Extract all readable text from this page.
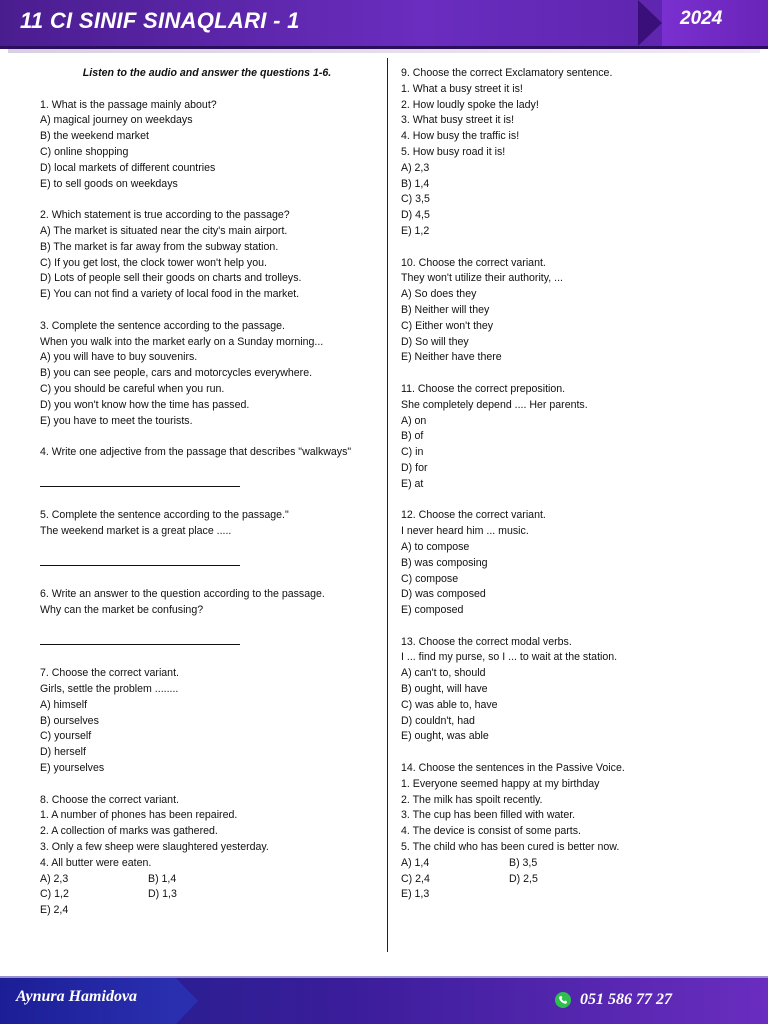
11 CI SINIF SINAQLARI - 1	2024
Listen to the audio and answer the questions 1-6.
1. What is the passage mainly about?
A) magical journey on weekdays
B) the weekend market
C) online shopping
D) local markets of different countries
E) to sell goods on weekdays
2. Which statement is true according to the passage?
A) The market is situated near the city's main airport.
B) The market is far away from the subway station.
C) If you get lost, the clock tower won't help you.
D) Lots of people sell their goods on charts and trolleys.
E) You can not find a variety of local food in the market.
3. Complete the sentence according to the passage.
When you walk into the market early on a Sunday morning...
A) you will have to buy souvenirs.
B) you can see people, cars and motorcycles everywhere.
C) you should be careful when you run.
D) you won't know how the time has passed.
E) you have to meet the tourists.
4. Write one adjective from the passage that describes "walkways"
5. Complete the sentence according to the passage."
The weekend market is a great place .....
6. Write an answer to the question according to the passage.
Why can the market be confusing?
7. Choose the correct variant.
Girls, settle the problem ........
A) himself
B) ourselves
C) yourself
D) herself
E) yourselves
8. Choose the correct variant.
1. A number of phones has been repaired.
2. A collection of marks was gathered.
3. Only a few sheep were slaughtered yesterday.
4. All butter were eaten.
A) 2,3	B) 1,4
C) 1,2	D) 1,3
E) 2,4
9. Choose the correct Exclamatory sentence.
1. What a busy street it is!
2. How loudly spoke the lady!
3. What busy street it is!
4. How busy the traffic is!
5. How busy road it is!
A) 2,3
B) 1,4
C) 3,5
D) 4,5
E) 1,2
10. Choose the correct variant.
They won't utilize their authority, ...
A) So does they
B) Neither will they
C) Either won't they
D) So will they
E) Neither have there
11. Choose the correct preposition.
She completely depend .... Her parents.
A) on
B) of
C) in
D) for
E) at
12. Choose the correct variant.
I never heard him ... music.
A) to compose
B) was composing
C) compose
D) was composed
E) composed
13. Choose the correct modal verbs.
I ... find my purse, so I ... to wait at the station.
A) can't to, should
B) ought, will have
C) was able to, have
D) couldn't, had
E) ought, was able
14. Choose the sentences in the Passive Voice.
1. Everyone seemed happy at my birthday
2. The milk has spoilt recently.
3. The cup has been filled with water.
4. The device is consist of some parts.
5. The child who has been cured is better now.
A) 1,4	B) 3,5
C) 2,4	D) 2,5
E) 1,3
Aynura Hamidova	051 586 77 27
